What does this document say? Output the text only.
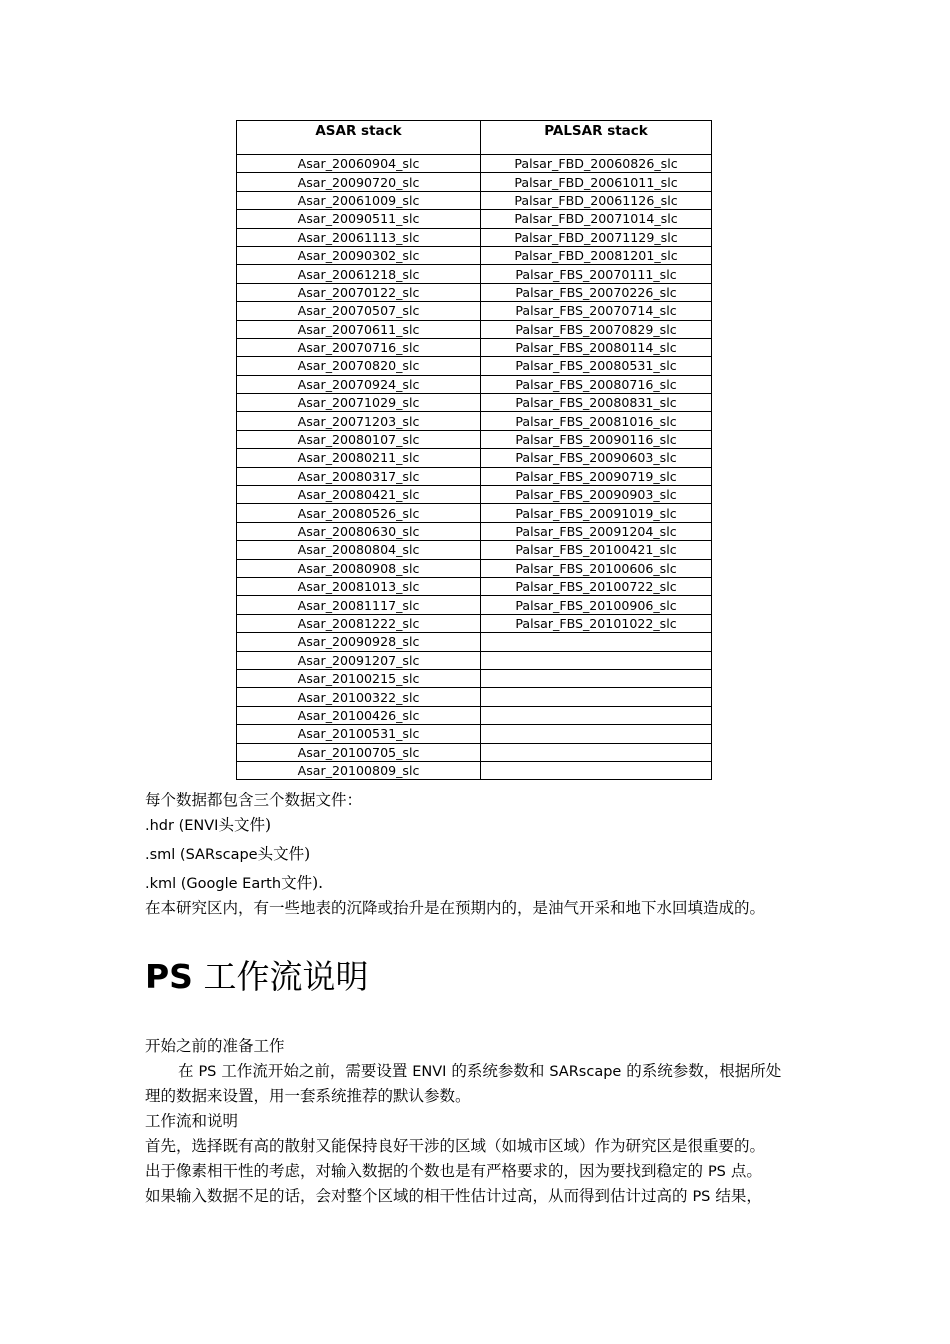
ASAR stack	PALSAR stack
Asar_20060904_slc	Palsar_FBD_20060826_slc
Asar_20090720_slc	Palsar_FBD_20061011_slc
Asar_20061009_slc	Palsar_FBD_20061126_slc
Asar_20090511_slc	Palsar_FBD_20071014_slc
Asar_20061113_slc	Palsar_FBD_20071129_slc
Asar_20090302_slc	Palsar_FBD_20081201_slc
Asar_20061218_slc	Palsar_FBS_20070111_slc
Asar_20070122_slc	Palsar_FBS_20070226_slc
Asar_20070507_slc	Palsar_FBS_20070714_slc
Asar_20070611_slc	Palsar_FBS_20070829_slc
Asar_20070716_slc	Palsar_FBS_20080114_slc
Asar_20070820_slc	Palsar_FBS_20080531_slc
Asar_20070924_slc	Palsar_FBS_20080716_slc
Asar_20071029_slc	Palsar_FBS_20080831_slc
Asar_20071203_slc	Palsar_FBS_20081016_slc
Asar_20080107_slc	Palsar_FBS_20090116_slc
Asar_20080211_slc	Palsar_FBS_20090603_slc
Asar_20080317_slc	Palsar_FBS_20090719_slc
Asar_20080421_slc	Palsar_FBS_20090903_slc
Asar_20080526_slc	Palsar_FBS_20091019_slc
Asar_20080630_slc	Palsar_FBS_20091204_slc
Asar_20080804_slc	Palsar_FBS_20100421_slc
Asar_20080908_slc	Palsar_FBS_20100606_slc
Asar_20081013_slc	Palsar_FBS_20100722_slc
Asar_20081117_slc	Palsar_FBS_20100906_slc
Asar_20081222_slc	Palsar_FBS_20101022_slc
Asar_20090928_slc	
Asar_20091207_slc	
Asar_20100215_slc	
Asar_20100322_slc	
Asar_20100426_slc	
Asar_20100531_slc	
Asar_20100705_slc	
Asar_20100809_slc	
每个数据都包含三个数据文件：
.hdr (ENVI头文件)
.sml (SARscape头文件)
.kml (Google Earth文件).
在本研究区内，有一些地表的沉降或抬升是在预期内的，是油气开采和地下水回填造成的。
PS 工作流说明
开始之前的准备工作
在 PS 工作流开始之前，需要设置 ENVI 的系统参数和 SARscape 的系统参数，根据所处
理的数据来设置，用一套系统推荐的默认参数。
工作流和说明
首先，选择既有高的散射又能保持良好干涉的区域（如城市区域）作为研究区是很重要的。
出于像素相干性的考虑，对输入数据的个数也是有严格要求的，因为要找到稳定的 PS 点。
如果输入数据不足的话，会对整个区域的相干性估计过高，从而得到估计过高的 PS 结果，
